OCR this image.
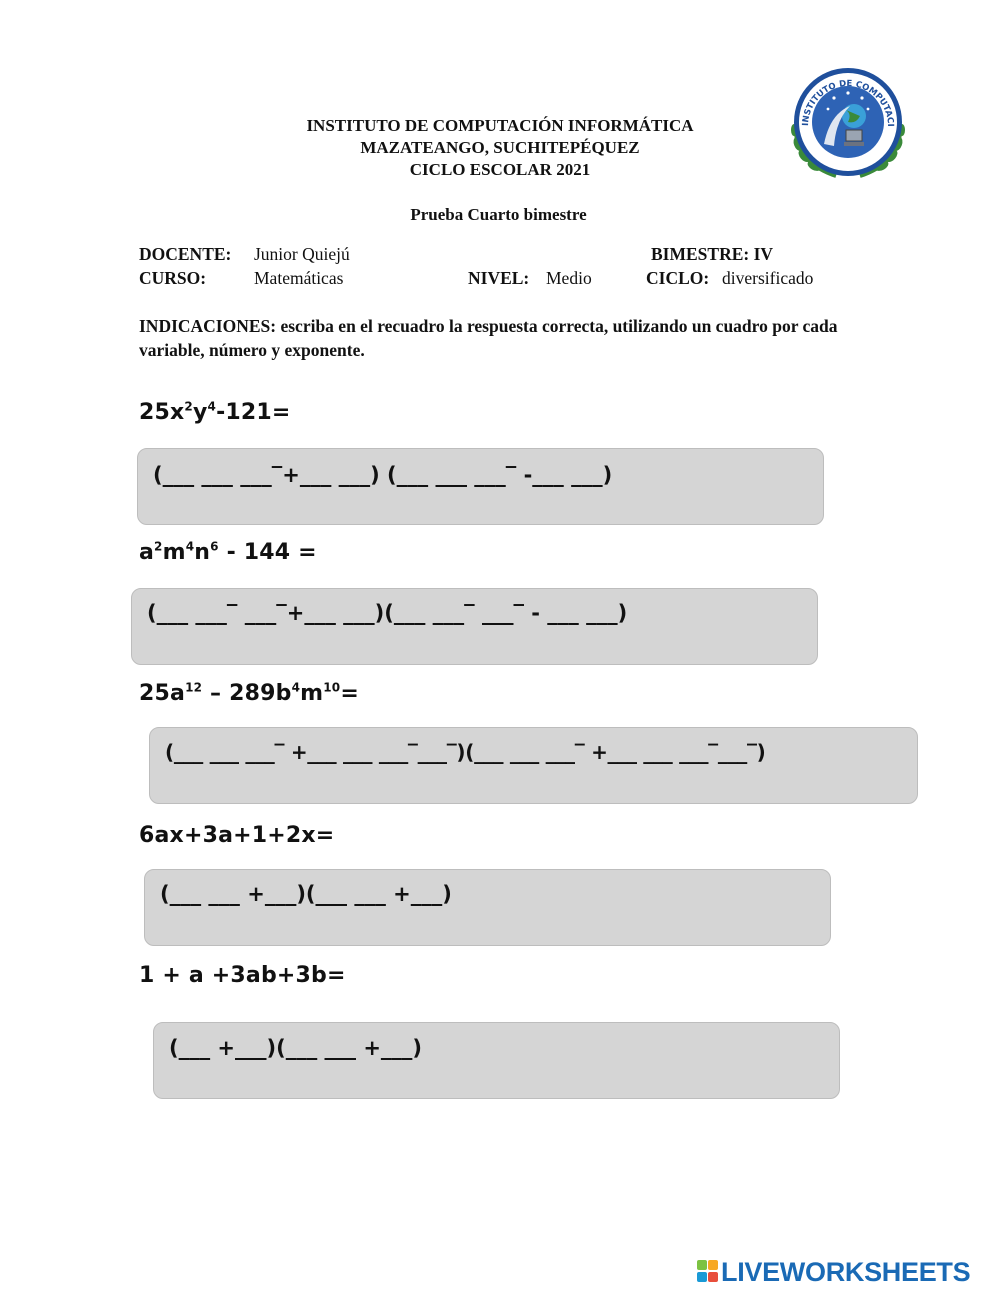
INSTITUTO DE COMPUTACIÓN INFORMÁTICA
MAZATEANGO, SUCHITEPÉQUEZ
CICLO ESCOLAR 2021
INSTITUTO DE COMPUTACI
Prueba Cuarto bimestre
DOCENTE: Junior Quiejú	BIMESTRE: IV
CURSO:	Matemáticas	NIVEL: Medio	CICLO: diversificado
INDICACIONES: escriba en el recuadro la respuesta correcta, utilizando un cuadro por cada variable, número y exponente.
$25x^2y^4-121=$
(___ ___ ___‾+___ ___) (___ ___ ___‾ -___ ___)
$a^2m^4n^6 - 144$ =
(___ ___‾ ___‾+___ ___)(___ ___‾ ___‾ - ___ ___)
$25a^{12} - 289b^4m^{10}=$
(___ ___ ___‾ +___ ___ ___‾___‾)(___ ___ ___‾ +___ ___ ___‾___‾)
6ax+3a+1+2x=
(___ ___ +___)(___ ___ +___)
1 + a +3ab+3b=
(___ +___)(___ ___ +___)
LIVEWORKSHEETS
